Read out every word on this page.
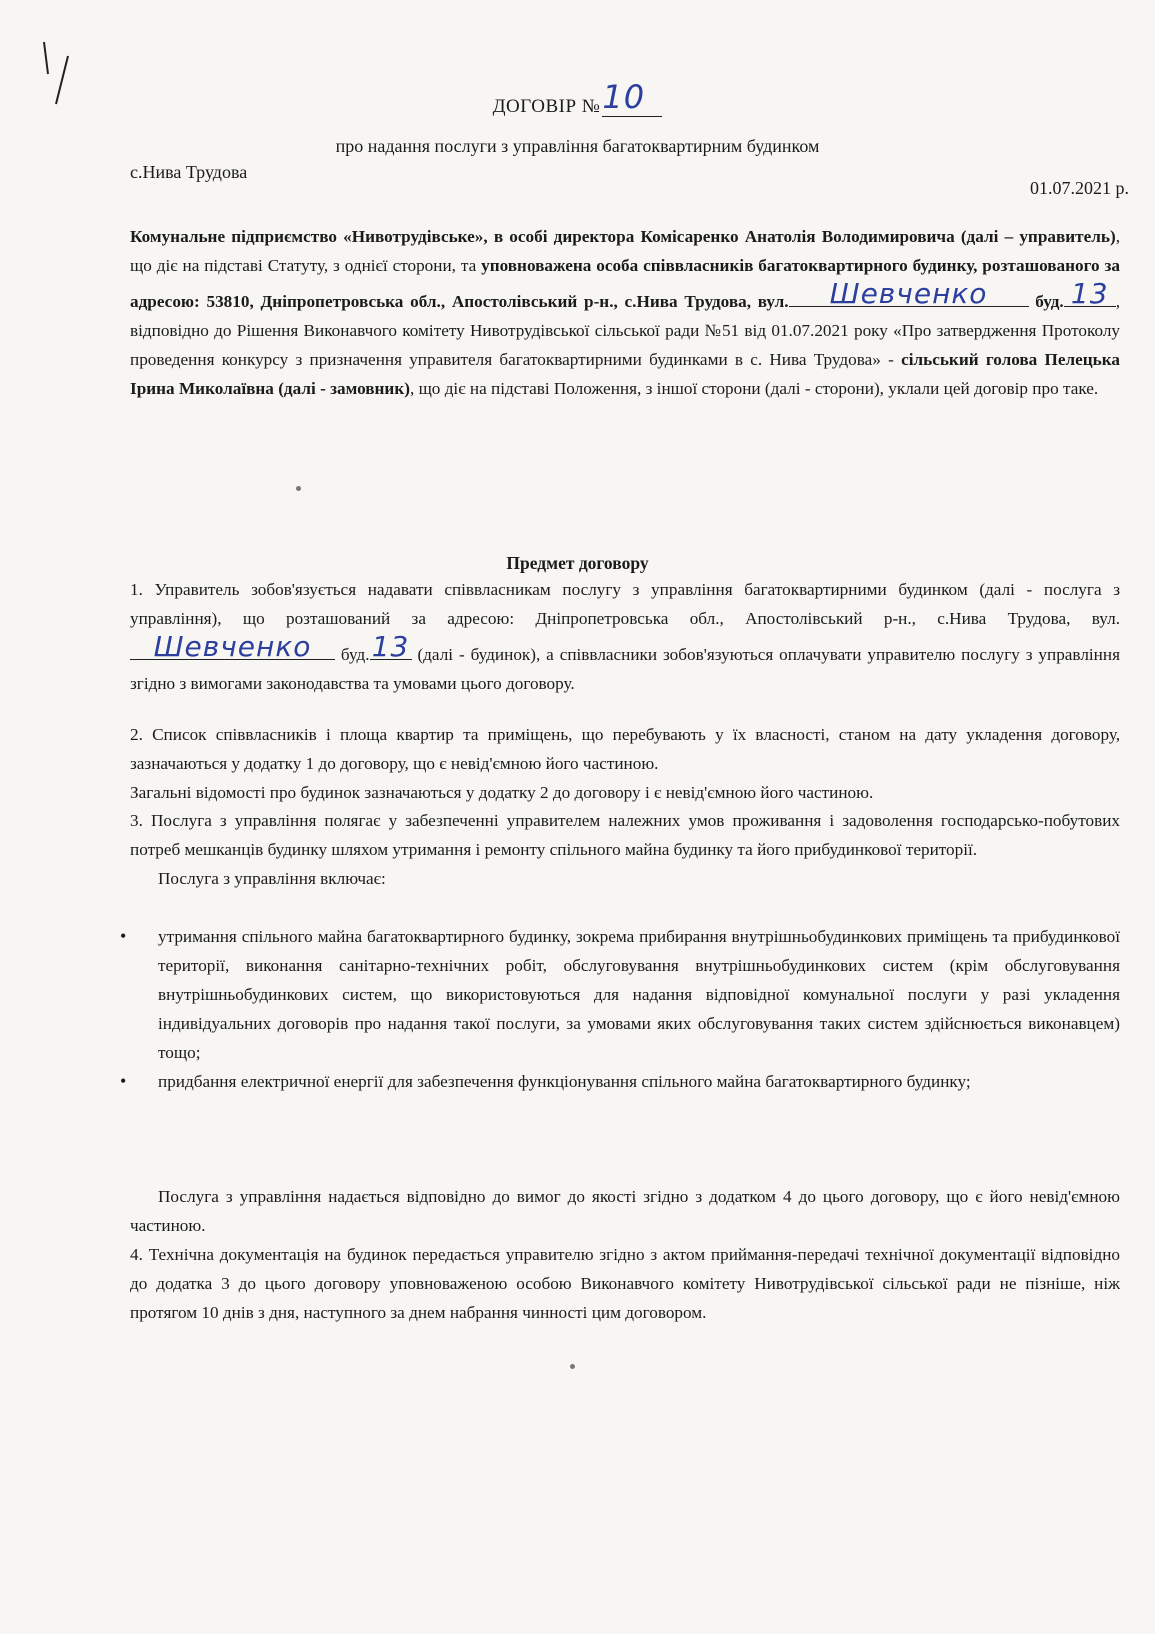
ДОГОВІР №10
про надання послуги з управління багатоквартирним будинком
с.Нива Трудова
01.07.2021 р.
Комунальне підприємство «Нивотрудівське», в особі директора Комісаренко Анатолія Володимировича (далі – управитель), що діє на підставі Статуту, з однієї сторони, та уповноважена особа співвласників багатоквартирного будинку, розташованого за адресою: 53810, Дніпропетровська обл., Апостолівський р-н., с.Нива Трудова, вул.	Шевченко	буд. 13 , відповідно до Рішення Виконавчого комітету Нивотрудівської сільської ради №51 від 01.07.2021 року «Про затвердження Протоколу проведення конкурсу з призначення управителя багатоквартирними будинками в с. Нива Трудова» - сільський голова Пелецька Ірина Миколаївна (далі - замовник), що діє на підставі Положення, з іншої сторони (далі - сторони), уклали цей договір про таке.
Предмет договору
1. Управитель зобов'язується надавати співвласникам послугу з управління багатоквартирними будинком (далі - послуга з управління), що розташований за адресою: Дніпропетровська обл., Апостолівський р-н., с.Нива Трудова, вул.
Шевченко	буд. 13 (далі - будинок), а співвласники зобов'язуються оплачувати управителю послугу з управління згідно з вимогами законодавства та умовами цього договору.
2. Список співвласників і площа квартир та приміщень, що перебувають у їх власності, станом на дату укладення договору, зазначаються у додатку 1 до договору, що є невід'ємною його частиною.
Загальні відомості про будинок зазначаються у додатку 2 до договору і є невід'ємною його частиною.
3. Послуга з управління полягає у забезпеченні управителем належних умов проживання і задоволення господарсько-побутових потреб мешканців будинку шляхом утримання і ремонту спільного майна будинку та його прибудинкової території.
Послуга з управління включає:
•	утримання спільного майна багатоквартирного будинку, зокрема прибирання внутрішньобудинкових приміщень та прибудинкової території, виконання санітарно-технічних робіт, обслуговування внутрішньобудинкових систем (крім обслуговування внутрішньобудинкових систем, що використовуються для надання відповідної комунальної послуги у разі укладення індивідуальних договорів про надання такої послуги, за умовами яких обслуговування таких систем здійснюється виконавцем) тощо;
•	придбання електричної енергії для забезпечення функціонування спільного майна багатоквартирного будинку;
Послуга з управління надається відповідно до вимог до якості згідно з додатком 4 до цього договору, що є його невід'ємною частиною.
4. Технічна документація на будинок передається управителю згідно з актом приймання-передачі технічної документації відповідно до додатка 3 до цього договору уповноваженою особою Виконавчого комітету Нивотрудівської сільської ради не пізніше, ніж протягом 10 днів з дня, наступного за днем набрання чинності цим договором.
